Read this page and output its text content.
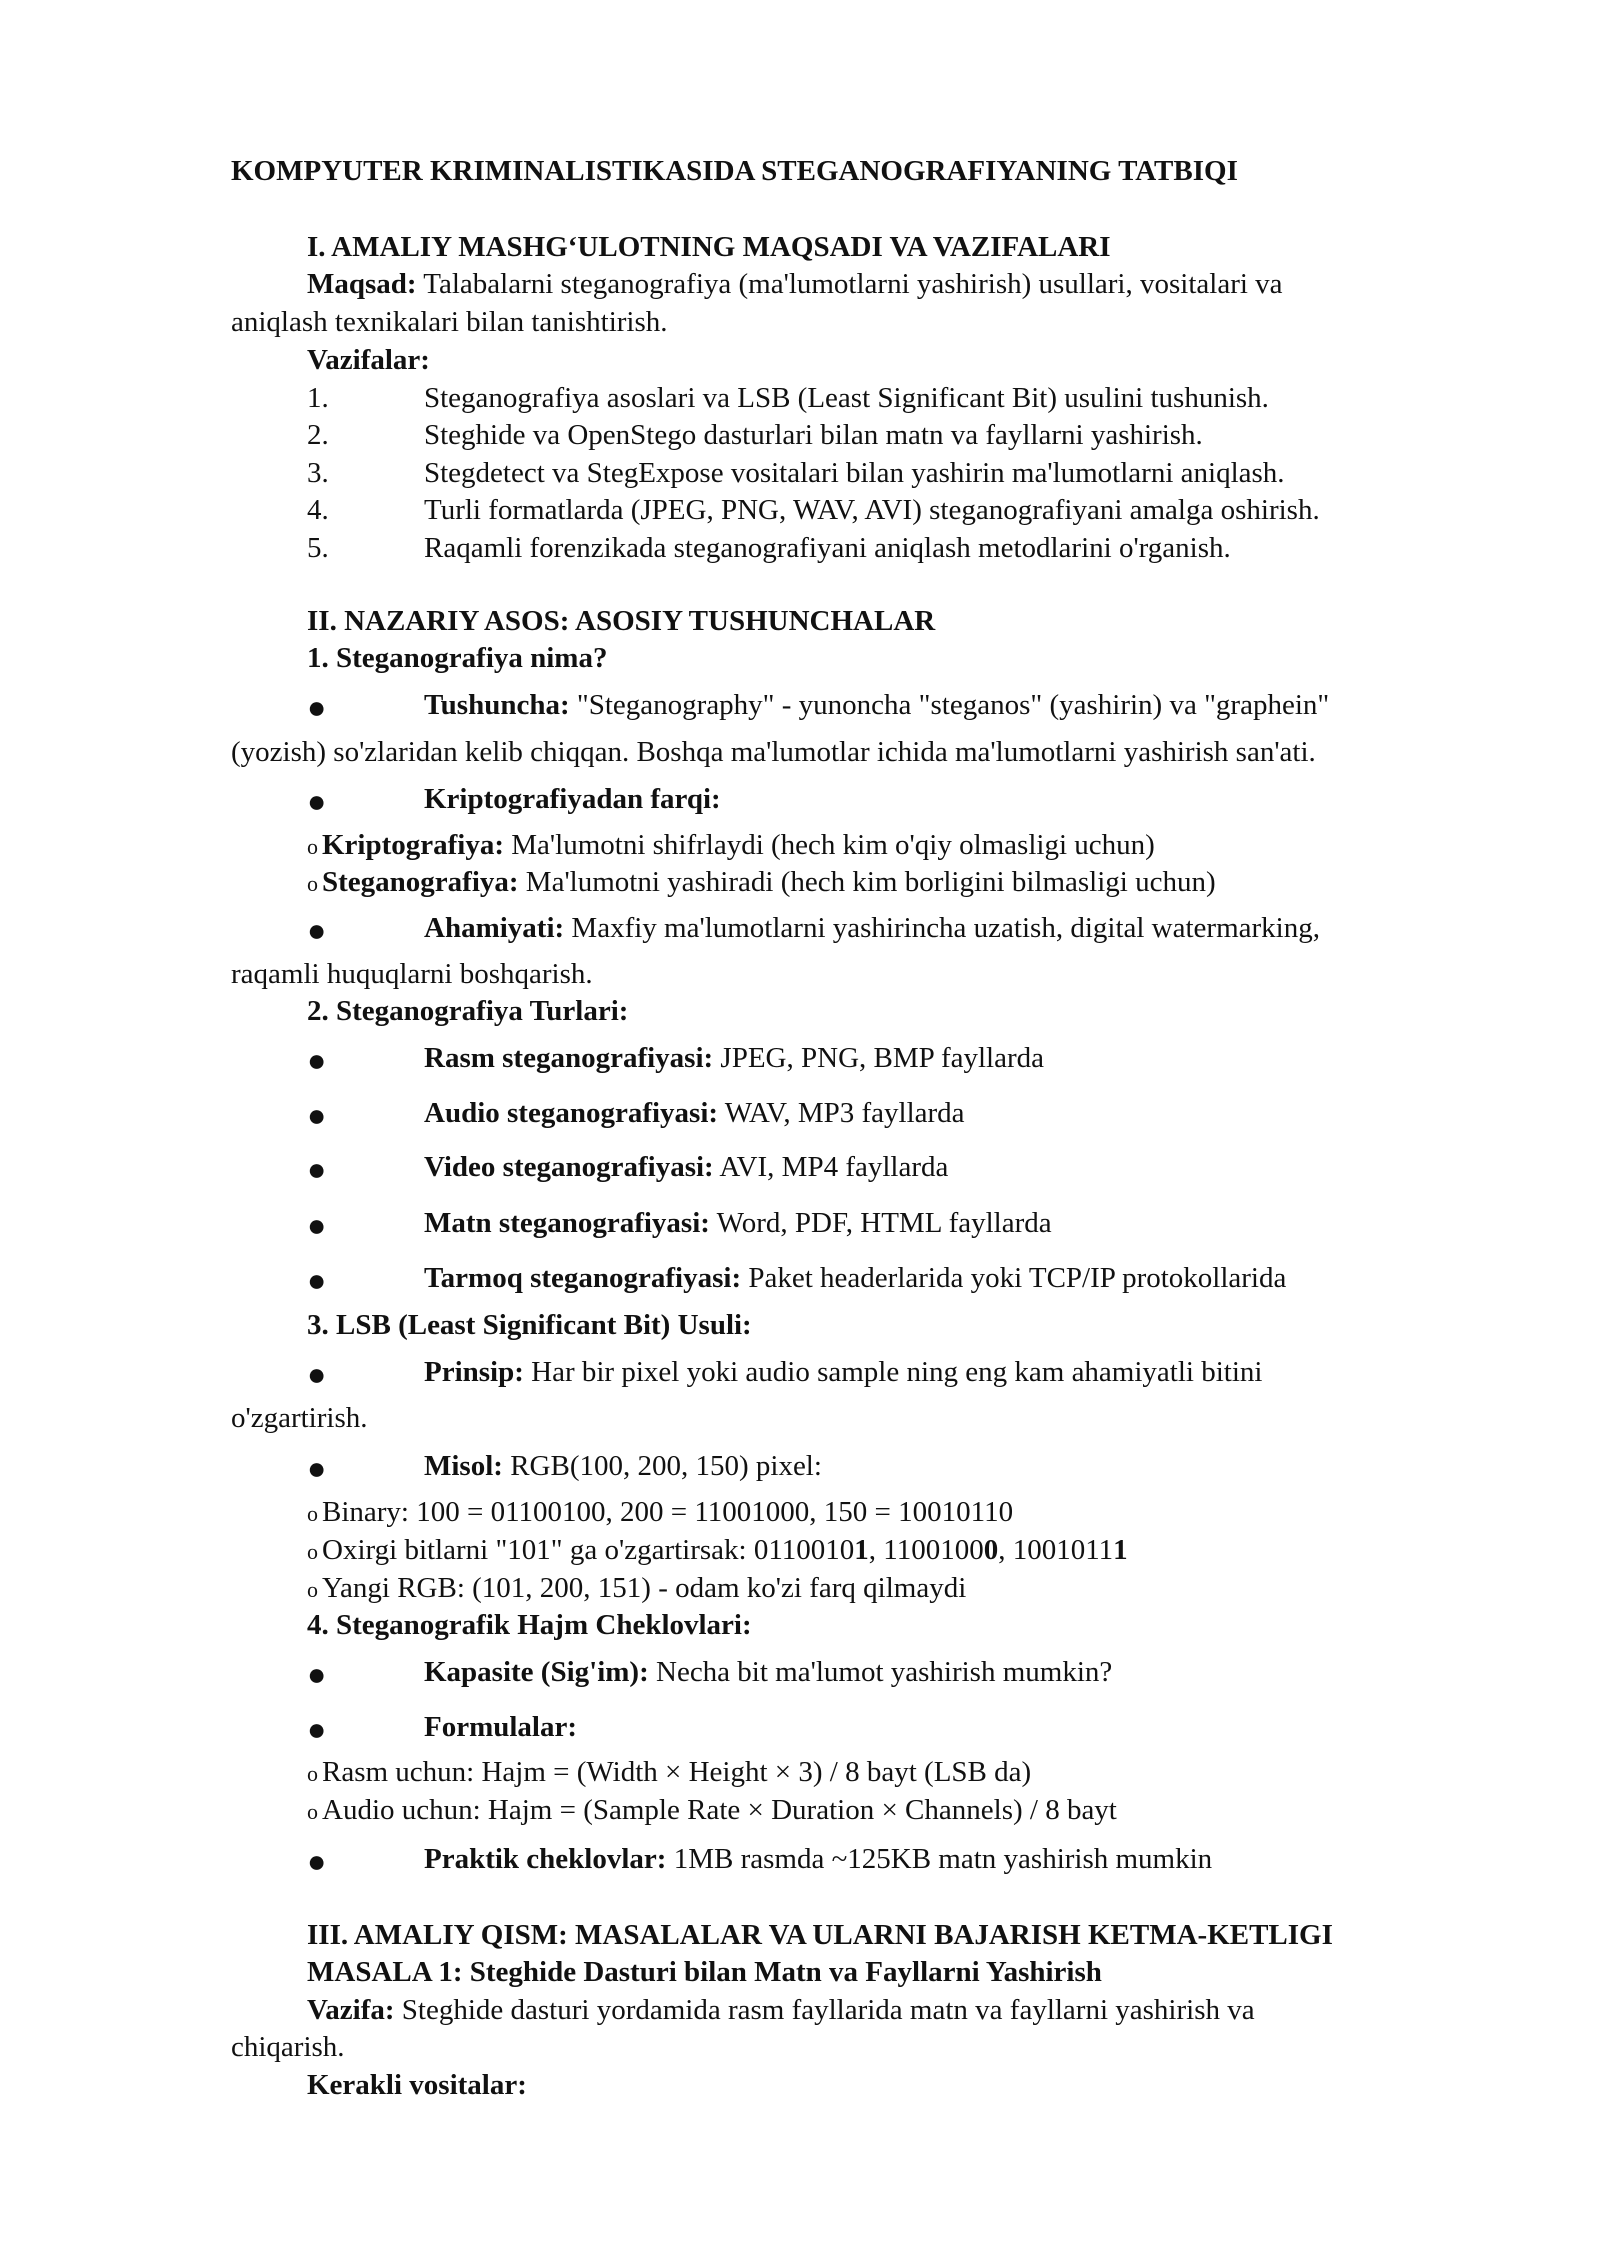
KOMPYUTER KRIMINALISTIKASIDA STEGANOGRAFIYANING TATBIQI
I. AMALIY MASHG‘ULOTNING MAQSADI VA VAZIFALARI
Maqsad: Talabalarni steganografiya (ma'lumotlarni yashirish) usullari, vositalari va
aniqlash texnikalari bilan tanishtirish.
Vazifalar:
1.	Steganografiya asoslari va LSB (Least Significant Bit) usulini tushunish.
2.	Steghide va OpenStego dasturlari bilan matn va fayllarni yashirish.
3.	Stegdetect va StegExpose vositalari bilan yashirin ma'lumotlarni aniqlash.
4.	Turli formatlarda (JPEG, PNG, WAV, AVI) steganografiyani amalga oshirish.
5.	Raqamli forenzikada steganografiyani aniqlash metodlarini o'rganish.
II. NAZARIY ASOS: ASOSIY TUSHUNCHALAR
1. Steganografiya nima?
●	Tushuncha: "Steganography" - yunoncha "steganos" (yashirin) va "graphein"
(yozish) so'zlaridan kelib chiqqan. Boshqa ma'lumotlar ichida ma'lumotlarni yashirish san'ati.
●	Kriptografiyadan farqi:
o Kriptografiya: Ma'lumotni shifrlaydi (hech kim o'qiy olmasligi uchun)
o Steganografiya: Ma'lumotni yashiradi (hech kim borligini bilmasligi uchun)
●	Ahamiyati: Maxfiy ma'lumotlarni yashirincha uzatish, digital watermarking,
raqamli huquqlarni boshqarish.
2. Steganografiya Turlari:
●	Rasm steganografiyasi: JPEG, PNG, BMP fayllarda
●	Audio steganografiyasi: WAV, MP3 fayllarda
●	Video steganografiyasi: AVI, MP4 fayllarda
●	Matn steganografiyasi: Word, PDF, HTML fayllarda
●	Tarmoq steganografiyasi: Paket headerlarida yoki TCP/IP protokollarida
3. LSB (Least Significant Bit) Usuli:
●	Prinsip: Har bir pixel yoki audio sample ning eng kam ahamiyatli bitini
o'zgartirish.
●	Misol: RGB(100, 200, 150) pixel:
o Binary: 100 = 01100100, 200 = 11001000, 150 = 10010110
o Oxirgi bitlarni "101" ga o'zgartirsak: 01100101, 11001000, 10010111
o Yangi RGB: (101, 200, 151) - odam ko'zi farq qilmaydi
4. Steganografik Hajm Cheklovlari:
●	Kapasite (Sig'im): Necha bit ma'lumot yashirish mumkin?
●	Formulalar:
o Rasm uchun: Hajm = (Width × Height × 3) / 8 bayt (LSB da)
o Audio uchun: Hajm = (Sample Rate × Duration × Channels) / 8 bayt
●	Praktik cheklovlar: 1MB rasmda ~125KB matn yashirish mumkin
III. AMALIY QISM: MASALALAR VA ULARNI BAJARISH KETMA-KETLIGI
MASALA 1: Steghide Dasturi bilan Matn va Fayllarni Yashirish
Vazifa: Steghide dasturi yordamida rasm fayllarida matn va fayllarni yashirish va
chiqarish.
Kerakli vositalar:
